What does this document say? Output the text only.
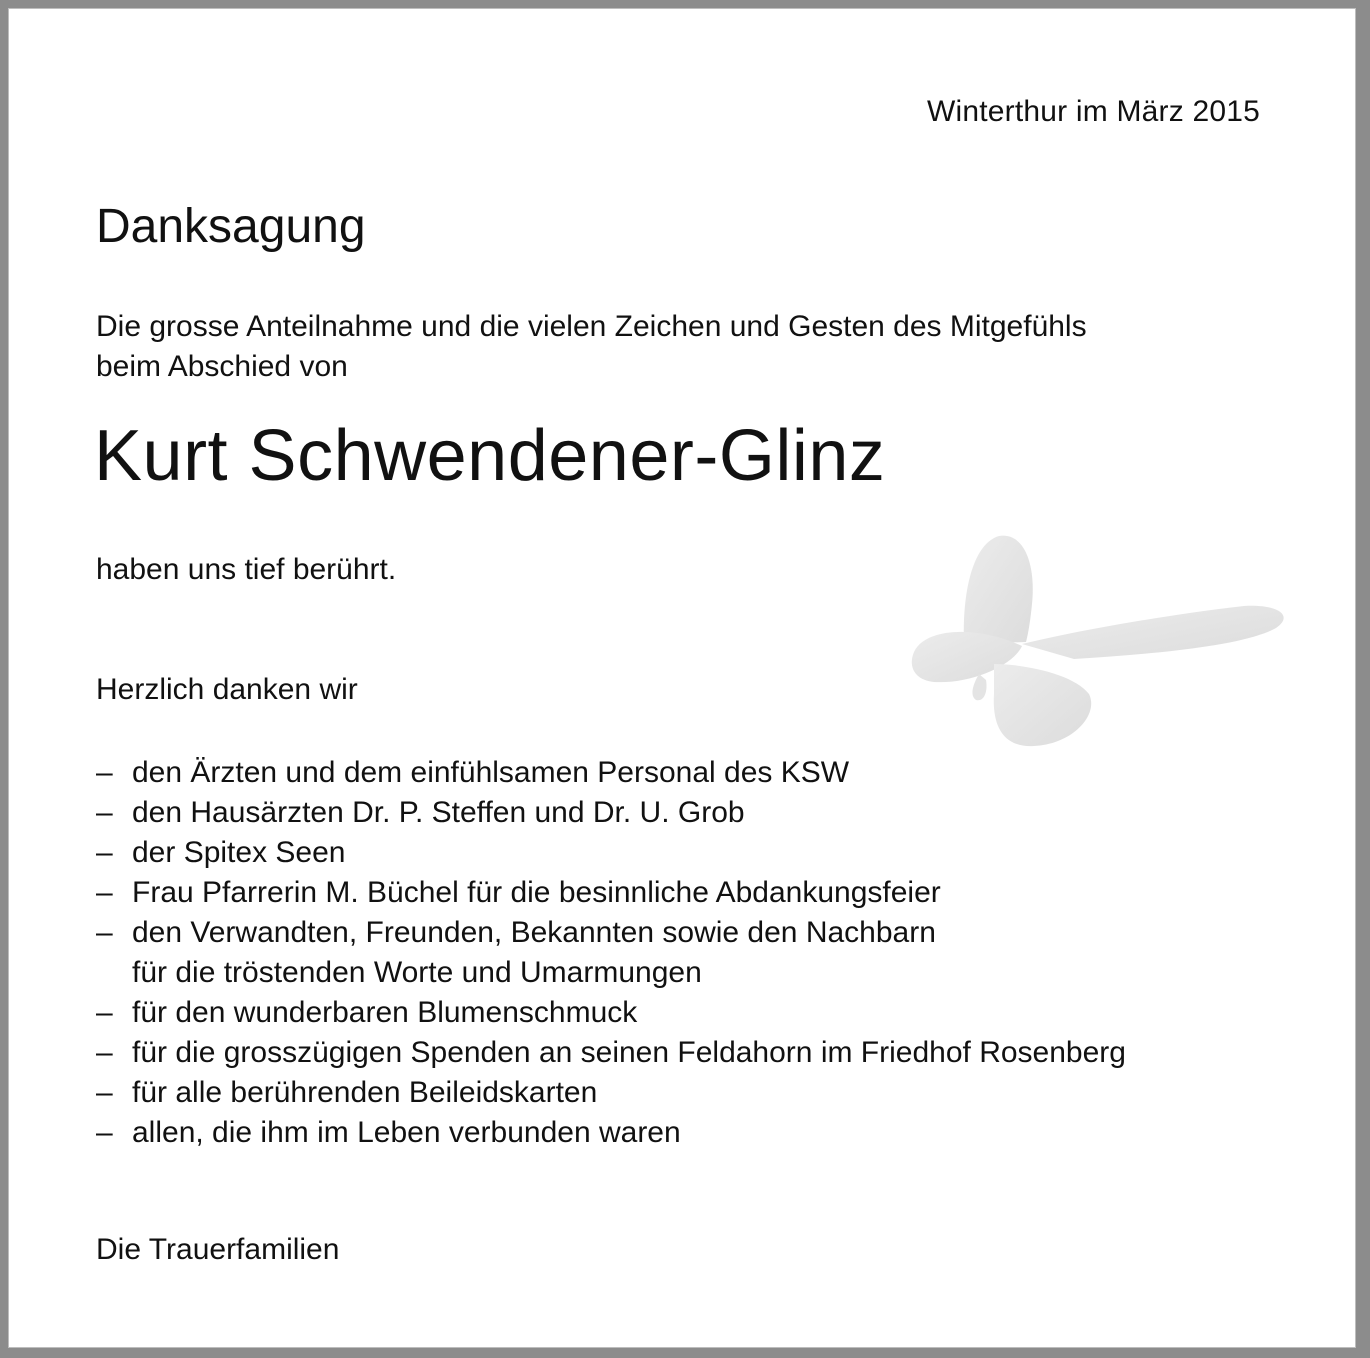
Winterthur im März 2015
Danksagung
Die grosse Anteilnahme und die vielen Zeichen und Gesten des Mitgefühls
beim Abschied von
Kurt Schwendener-Glinz
haben uns tief berührt.
Herzlich danken wir
– den Ärzten und dem einfühlsamen Personal des KSW
– den Hausärzten Dr. P. Steffen und Dr. U. Grob
– der Spitex Seen
– Frau Pfarrerin M. Büchel für die besinnliche Abdankungsfeier
– den Verwandten, Freunden, Bekannten sowie den Nachbarn
für die tröstenden Worte und Umarmungen
– für den wunderbaren Blumenschmuck
– für die grosszügigen Spenden an seinen Feldahorn im Friedhof Rosenberg
– für alle berührenden Beileidskarten
– allen, die ihm im Leben verbunden waren
Die Trauerfamilien
